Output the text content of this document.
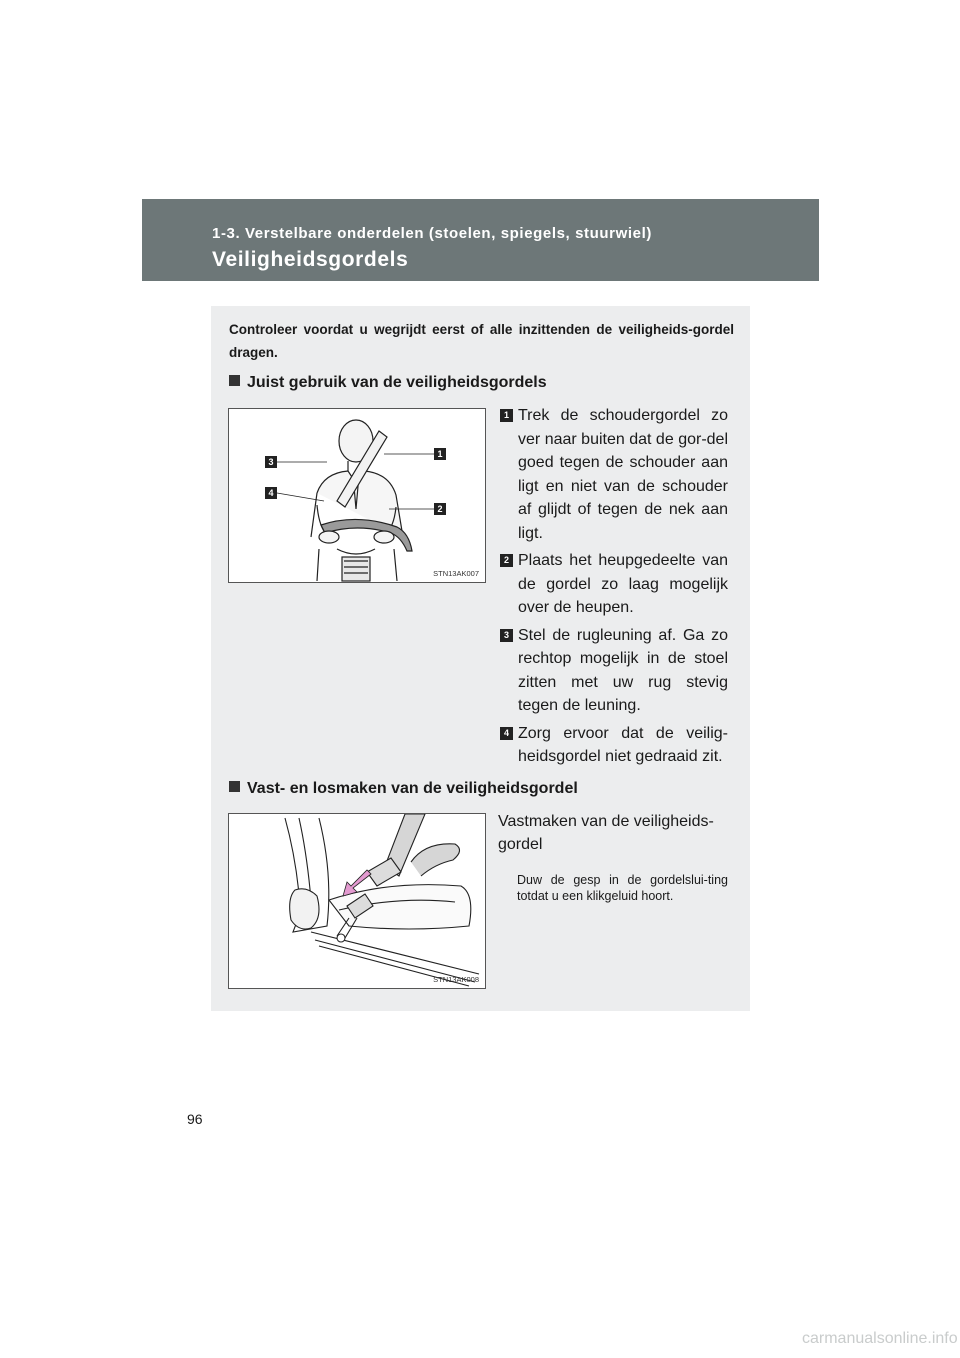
1-3. Verstelbare onderdelen (stoelen, spiegels, stuurwiel)
Veiligheidsgordels
Controleer voordat u wegrijdt eerst of alle inzittenden de veiligheids-gordel dragen.
Juist gebruik van de veiligheidsgordels
3
4
1
2
STN13AK007
1 Trek de schoudergordel zo ver naar buiten dat de gor-del goed tegen de schouder aan ligt en niet van de schouder af glijdt of tegen de nek aan ligt.
2 Plaats het heupgedeelte van de gordel zo laag mogelijk over de heupen.
3 Stel de rugleuning af. Ga zo rechtop mogelijk in de stoel zitten met uw rug stevig tegen de leuning.
4 Zorg ervoor dat de veilig-heidsgordel niet gedraaid zit.
Vast- en losmaken van de veiligheidsgordel
STN13AK008
Vastmaken van de veiligheids-gordel
Duw de gesp in de gordelslui-ting totdat u een klikgeluid hoort.
96
carmanualsonline.info
